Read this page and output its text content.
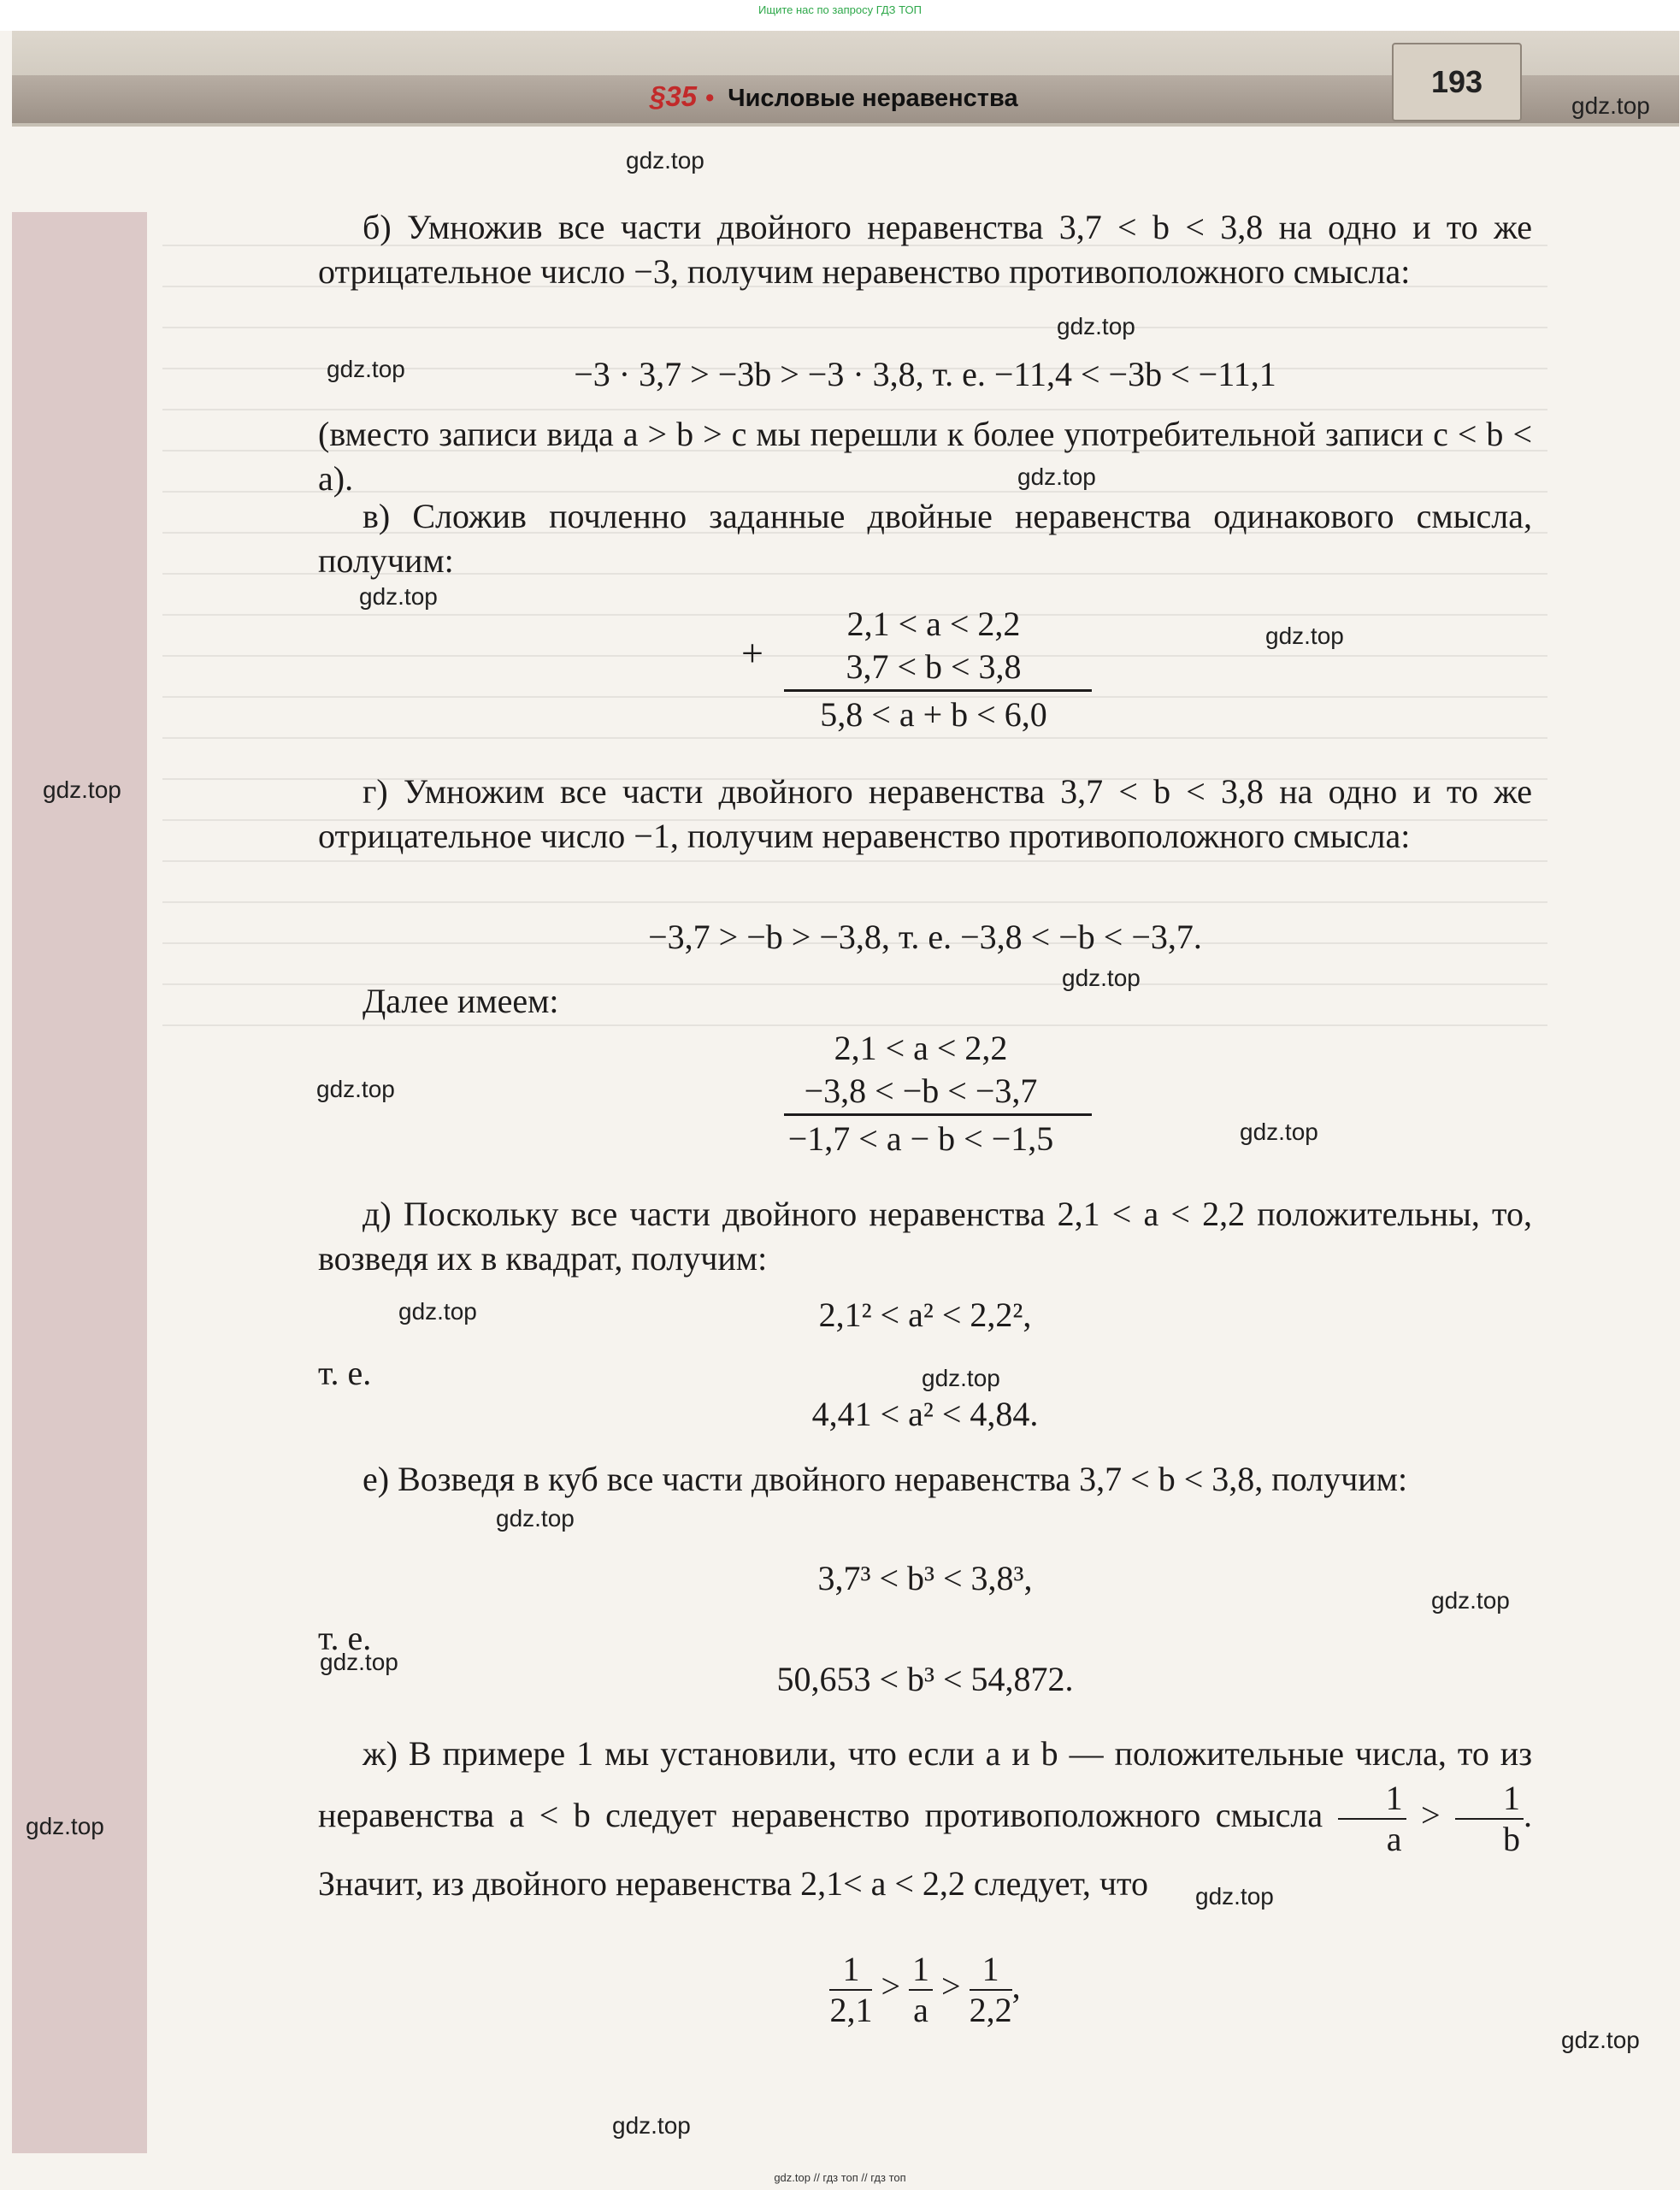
Ищите нас по запросу ГДЗ ТОП
§35 • Числовые неравенства	193
б) Умножив все части двойного неравенства 3,7 < b < 3,8 на одно и то же отрицательное число −3, получим неравенство противоположного смысла:
−3 · 3,7 > −3b > −3 · 3,8, т. е. −11,4 < −3b < −11,1
(вместо записи вида a > b > c мы перешли к более употребительной записи c < b < a).
в) Сложив почленно заданные двойные неравенства одинакового смысла, получим:
+
2,1 < a < 2,2
3,7 < b < 3,8
5,8 < a + b < 6,0
г) Умножим все части двойного неравенства 3,7 < b < 3,8 на одно и то же отрицательное число −1, получим неравенство противоположного смысла:
−3,7 > −b > −3,8, т. е. −3,8 < −b < −3,7.
Далее имеем:
2,1 < a < 2,2
−3,8 < −b < −3,7
−1,7 < a − b < −1,5
д) Поскольку все части двойного неравенства 2,1 < a < 2,2 положительны, то, возведя их в квадрат, получим:
2,1² < a² < 2,2²,
т. е.
4,41 < a² < 4,84.
е) Возведя в куб все части двойного неравенства 3,7 < b < 3,8, получим:
3,7³ < b³ < 3,8³,
т. е.
50,653 < b³ < 54,872.
ж) В примере 1 мы установили, что если a и b — положительные числа, то из неравенства a < b следует неравенство противоположного смысла $\frac{1}{a} > \frac{1}{b}$ . Значит, из двойного неравенства 2,1< a < 2,2 следует, что
$\frac{1}{2,1} > \frac{1}{a} > \frac{1}{2,2}$ ,
gdz.top
gdz.top
gdz.top
gdz.top
gdz.top
gdz.top
gdz.top
gdz.top
gdz.top
gdz.top
gdz.top
gdz.top
gdz.top
gdz.top
gdz.top
gdz.top
gdz.top
gdz.top
gdz.top
gdz.top
gdz.top // гдз топ // гдз топ
